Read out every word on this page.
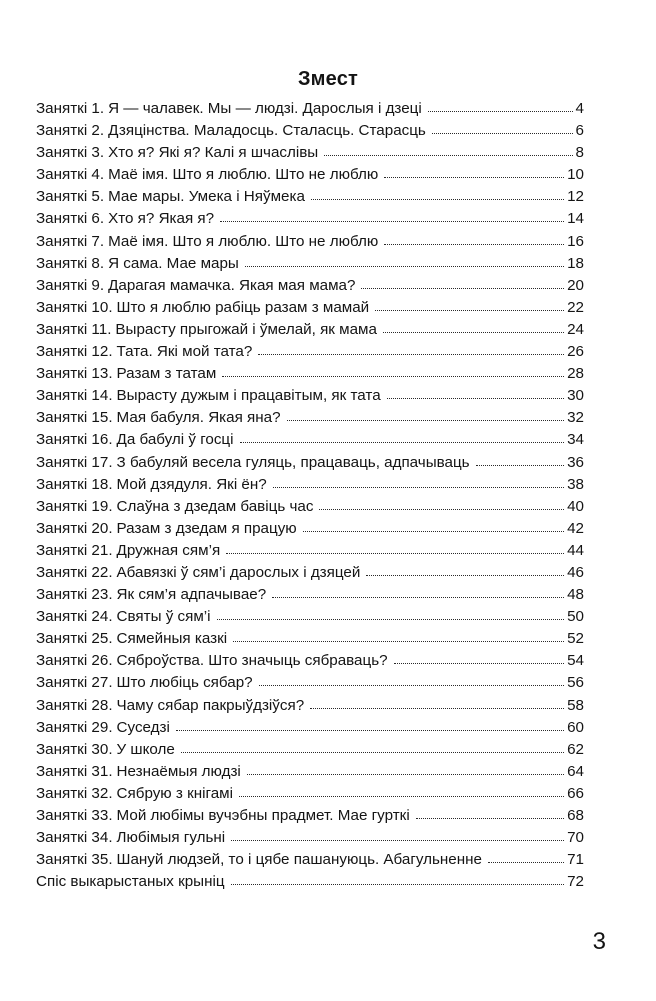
Змест
Заняткі 1. Я — чалавек. Мы — людзі. Дарослыя і дзеці	4
Заняткі 2. Дзяцінства. Маладосць. Сталасць. Старасць	6
Заняткі 3. Хто я? Які я? Калі я шчаслівы	8
Заняткі 4. Маё імя. Што я люблю. Што не люблю	10
Заняткі 5. Мае мары. Умека і Няўмека	12
Заняткі 6. Хто я? Якая я?	14
Заняткі 7. Маё імя. Што я люблю. Што не люблю	16
Заняткі 8. Я сама. Мае мары	18
Заняткі 9. Дарагая мамачка. Якая мая мама?	20
Заняткі 10. Што я люблю рабіць разам з мамай	22
Заняткі 11. Вырасту прыгожай і ўмелай, як мама	24
Заняткі 12. Тата. Які мой тата?	26
Заняткі 13. Разам з татам	28
Заняткі 14. Вырасту дужым і працавітым, як тата	30
Заняткі 15. Мая бабуля. Якая яна?	32
Заняткі 16. Да бабулі ў госці	34
Заняткі 17. З бабуляй весела гуляць, працаваць, адпачываць	36
Заняткі 18. Мой дзядуля. Які ён?	38
Заняткі 19. Слаўна з дзедам бавіць час	40
Заняткі 20. Разам з дзедам я працую	42
Заняткі 21. Дружная сям’я	44
Заняткі 22. Абавязкі ў сям’і дарослых і дзяцей	46
Заняткі 23. Як сям’я адпачывае?	48
Заняткі 24. Святы ў сям’і	50
Заняткі 25. Сямейныя казкі	52
Заняткі 26. Сяброўства. Што значыць сябраваць?	54
Заняткі 27. Што любіць сябар?	56
Заняткі 28. Чаму сябар пакрыўдзіўся?	58
Заняткі 29. Суседзі	60
Заняткі 30. У школе	62
Заняткі 31. Незнаёмыя людзі	64
Заняткі 32. Сябрую з кнігамі	66
Заняткі 33. Мой любiмы вучэбны прадмет. Мае гурткі	68
Заняткі 34. Любiмыя гульні	70
Заняткі 35. Шануй людзей, то і цябе пашануюць. Абагульненне	71
Спіс выкарыстаных крыніц	72
3
